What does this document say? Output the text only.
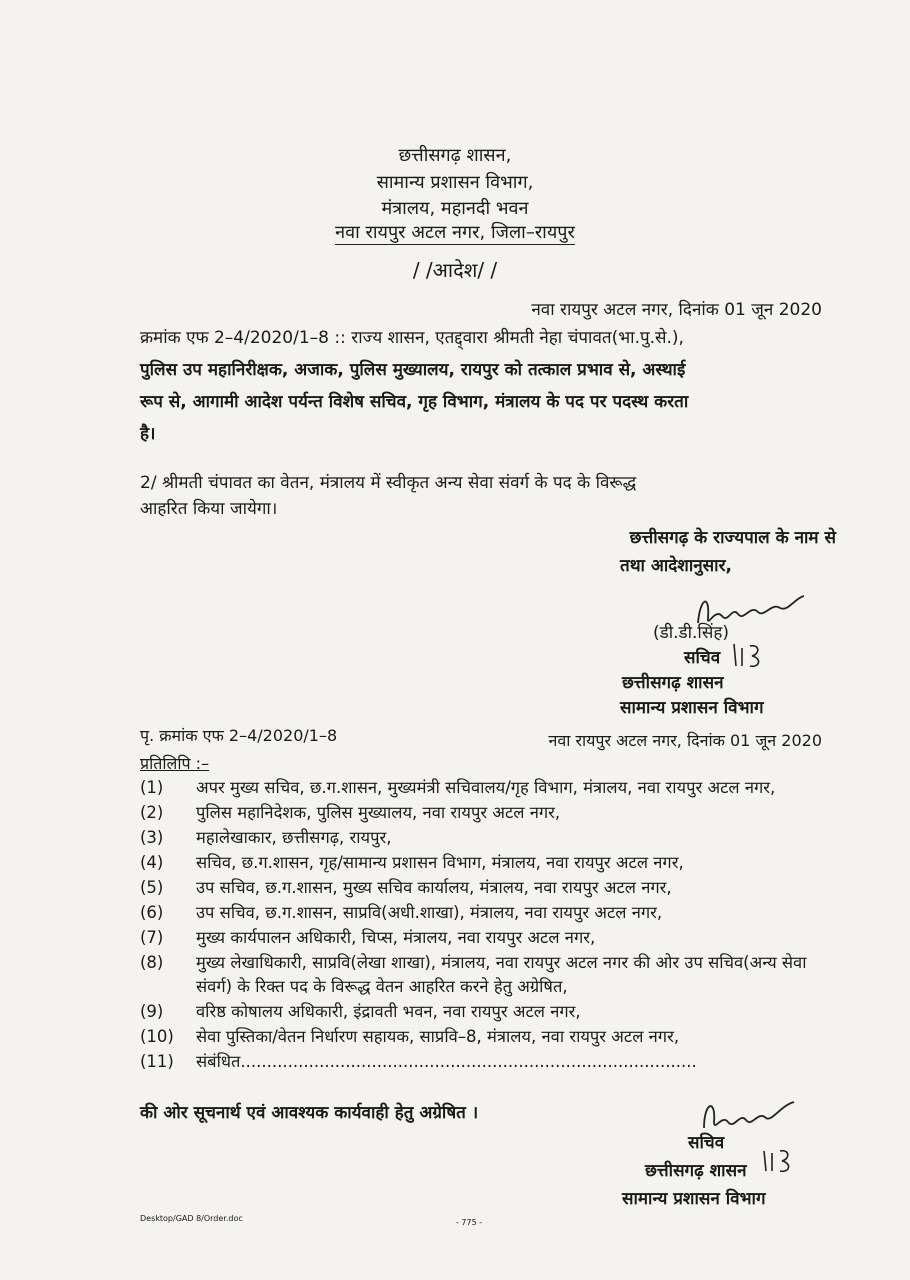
छत्तीसगढ़ शासन,
सामान्य प्रशासन विभाग,
मंत्रालय, महानदी भवन
नवा रायपुर अटल नगर, जिला–रायपुर
/ /आदेश/ /
नवा रायपुर अटल नगर, दिनांक 01 जून 2020
क्रमांक एफ 2–4/2020/1–8 :: राज्य शासन, एतद्द्वारा श्रीमती नेहा चंपावत(भा.पु.से.),
पुलिस उप महानिरीक्षक, अजाक, पुलिस मुख्यालय, रायपुर को तत्काल प्रभाव से, अस्थाई
रूप से, आगामी आदेश पर्यन्त विशेष सचिव, गृह विभाग, मंत्रालय के पद पर पदस्थ करता
है।
2/ श्रीमती चंपावत का वेतन, मंत्रालय में स्वीकृत अन्य सेवा संवर्ग के पद के विरूद्ध
आहरित किया जायेगा।
छत्तीसगढ़ के राज्यपाल के नाम से
तथा आदेशानुसार,
(डी.डी.सिंह)
सचिव
छत्तीसगढ़ शासन
सामान्य प्रशासन विभाग
पृ. क्रमांक एफ 2–4/2020/1–8	नवा रायपुर अटल नगर, दिनांक 01 जून 2020
प्रतिलिपि :–
(1)	अपर मुख्य सचिव, छ.ग.शासन, मुख्यमंत्री सचिवालय/गृह विभाग, मंत्रालय, नवा रायपुर अटल नगर,
(2)	पुलिस महानिदेशक, पुलिस मुख्यालय, नवा रायपुर अटल नगर,
(3)	महालेखाकार, छत्तीसगढ़, रायपुर,
(4)	सचिव, छ.ग.शासन, गृह/सामान्य प्रशासन विभाग, मंत्रालय, नवा रायपुर अटल नगर,
(5)	उप सचिव, छ.ग.शासन, मुख्य सचिव कार्यालय, मंत्रालय, नवा रायपुर अटल नगर,
(6)	उप सचिव, छ.ग.शासन, साप्रवि(अधी.शाखा), मंत्रालय, नवा रायपुर अटल नगर,
(7)	मुख्य कार्यपालन अधिकारी, चिप्स, मंत्रालय, नवा रायपुर अटल नगर,
(8)	मुख्य लेखाधिकारी, साप्रवि(लेखा शाखा), मंत्रालय, नवा रायपुर अटल नगर की ओर उप सचिव(अन्य सेवा संवर्ग) के रिक्त पद के विरूद्ध वेतन आहरित करने हेतु अग्रेषित,
(9)	वरिष्ठ कोषालय अधिकारी, इंद्रावती भवन, नवा रायपुर अटल नगर,
(10)	सेवा पुस्तिका/वेतन निर्धारण सहायक, साप्रवि–8, मंत्रालय, नवा रायपुर अटल नगर,
(11)	संबंधित.......................................................................................
की ओर सूचनार्थ एवं आवश्यक कार्यवाही हेतु अग्रेषित ।
सचिव
छत्तीसगढ़ शासन
सामान्य प्रशासन विभाग
Desktop/GAD 8/Order.doc	- 775 -
